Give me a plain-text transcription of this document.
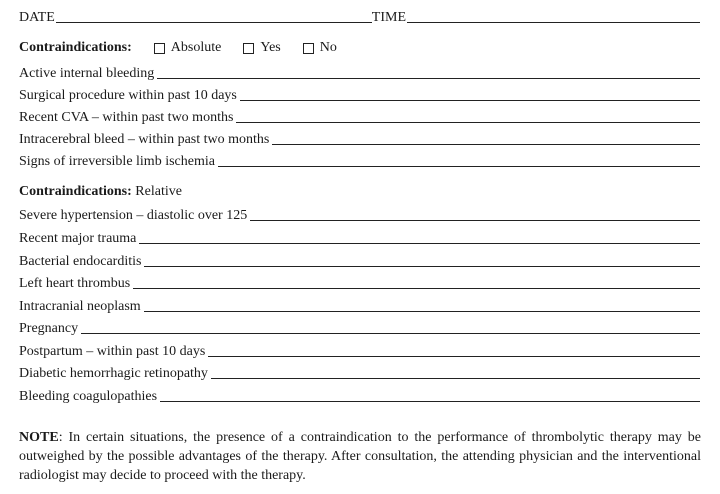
DATE	TIME
Contraindications:	Absolute	Yes	No
Active internal bleeding
Surgical procedure within past 10 days
Recent CVA – within past two months
Intracerebral bleed – within past two months
Signs of irreversible limb ischemia
Contraindications: Relative
Severe hypertension – diastolic over 125
Recent major trauma
Bacterial endocarditis
Left heart thrombus
Intracranial neoplasm
Pregnancy
Postpartum – within past 10 days
Diabetic hemorrhagic retinopathy
Bleeding coagulopathies
NOTE: In certain situations, the presence of a contraindication to the performance of thrombolytic therapy may be outweighed by the possible advantages of the therapy. After consultation, the attending physician and the interventional radiologist may decide to proceed with the therapy.
